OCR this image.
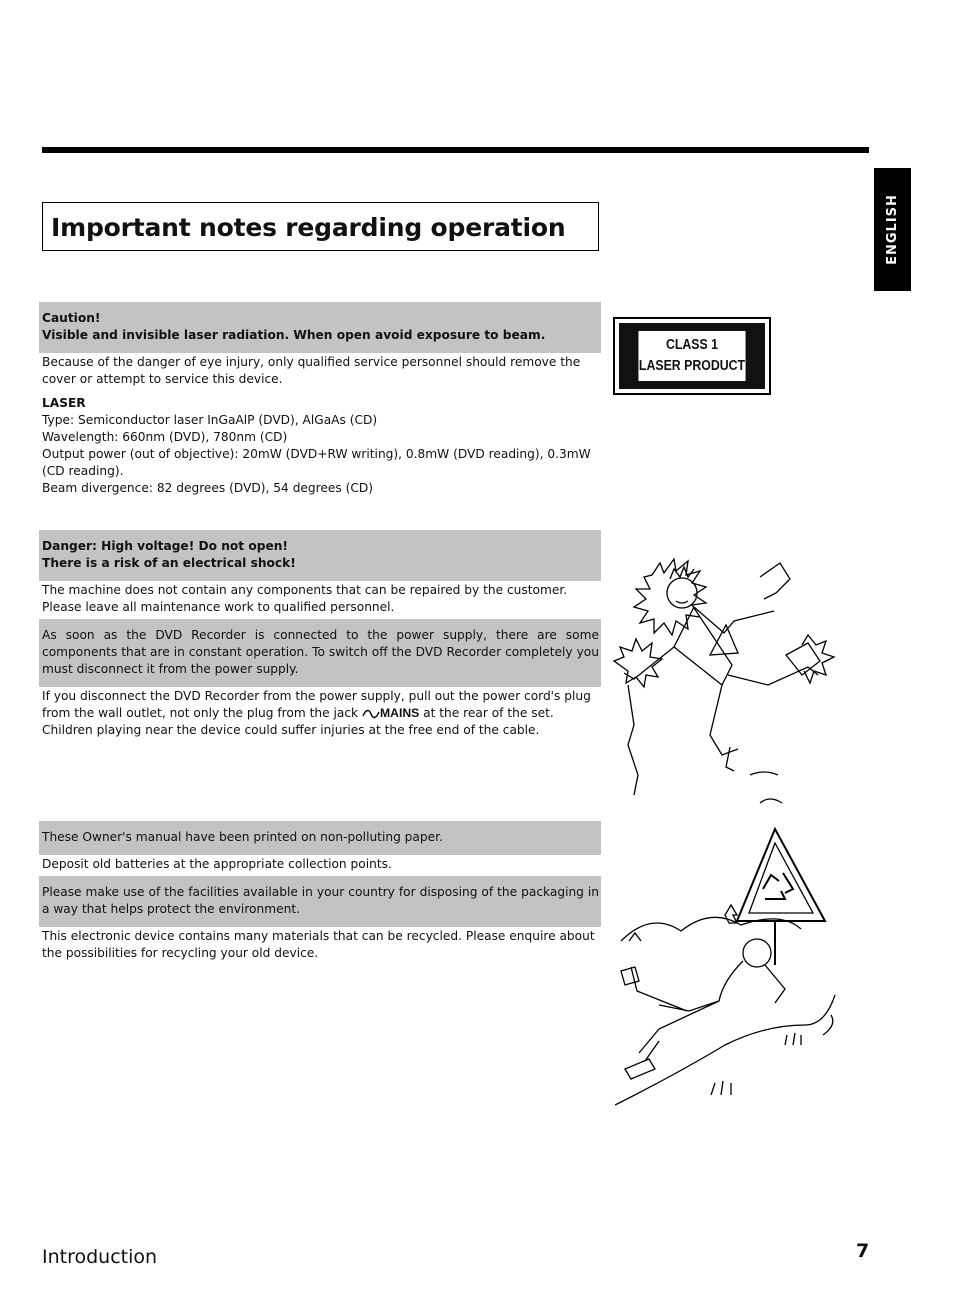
ENGLISH
Important notes regarding operation
Caution!
Visible and invisible laser radiation. When open avoid exposure to beam.
Because of the danger of eye injury, only qualified service personnel should remove the cover or attempt to service this device.
LASER
Type: Semiconductor laser InGaAlP (DVD), AlGaAs (CD)
Wavelength: 660nm (DVD), 780nm (CD)
Output power (out of objective): 20mW (DVD+RW writing), 0.8mW (DVD reading), 0.3mW (CD reading).
Beam divergence: 82 degrees (DVD), 54 degrees (CD)
CLASS 1
LASER PRODUCT
Danger: High voltage! Do not open!
There is a risk of an electrical shock!
The machine does not contain any components that can be repaired by the customer. Please leave all maintenance work to qualified personnel.
As soon as the DVD Recorder is connected to the power supply, there are some components that are in constant operation. To switch off the DVD Recorder completely you must disconnect it from the power supply.
If you disconnect the DVD Recorder from the power supply, pull out the power cord's plug from the wall outlet, not only the plug from the jack MAINS at the rear of the set. Children playing near the device could suffer injuries at the free end of the cable.
These Owner's manual have been printed on non-polluting paper.
Deposit old batteries at the appropriate collection points.
Please make use of the facilities available in your country for disposing of the packaging in a way that helps protect the environment.
This electronic device contains many materials that can be recycled. Please enquire about the possibilities for recycling your old device.
Introduction	7
